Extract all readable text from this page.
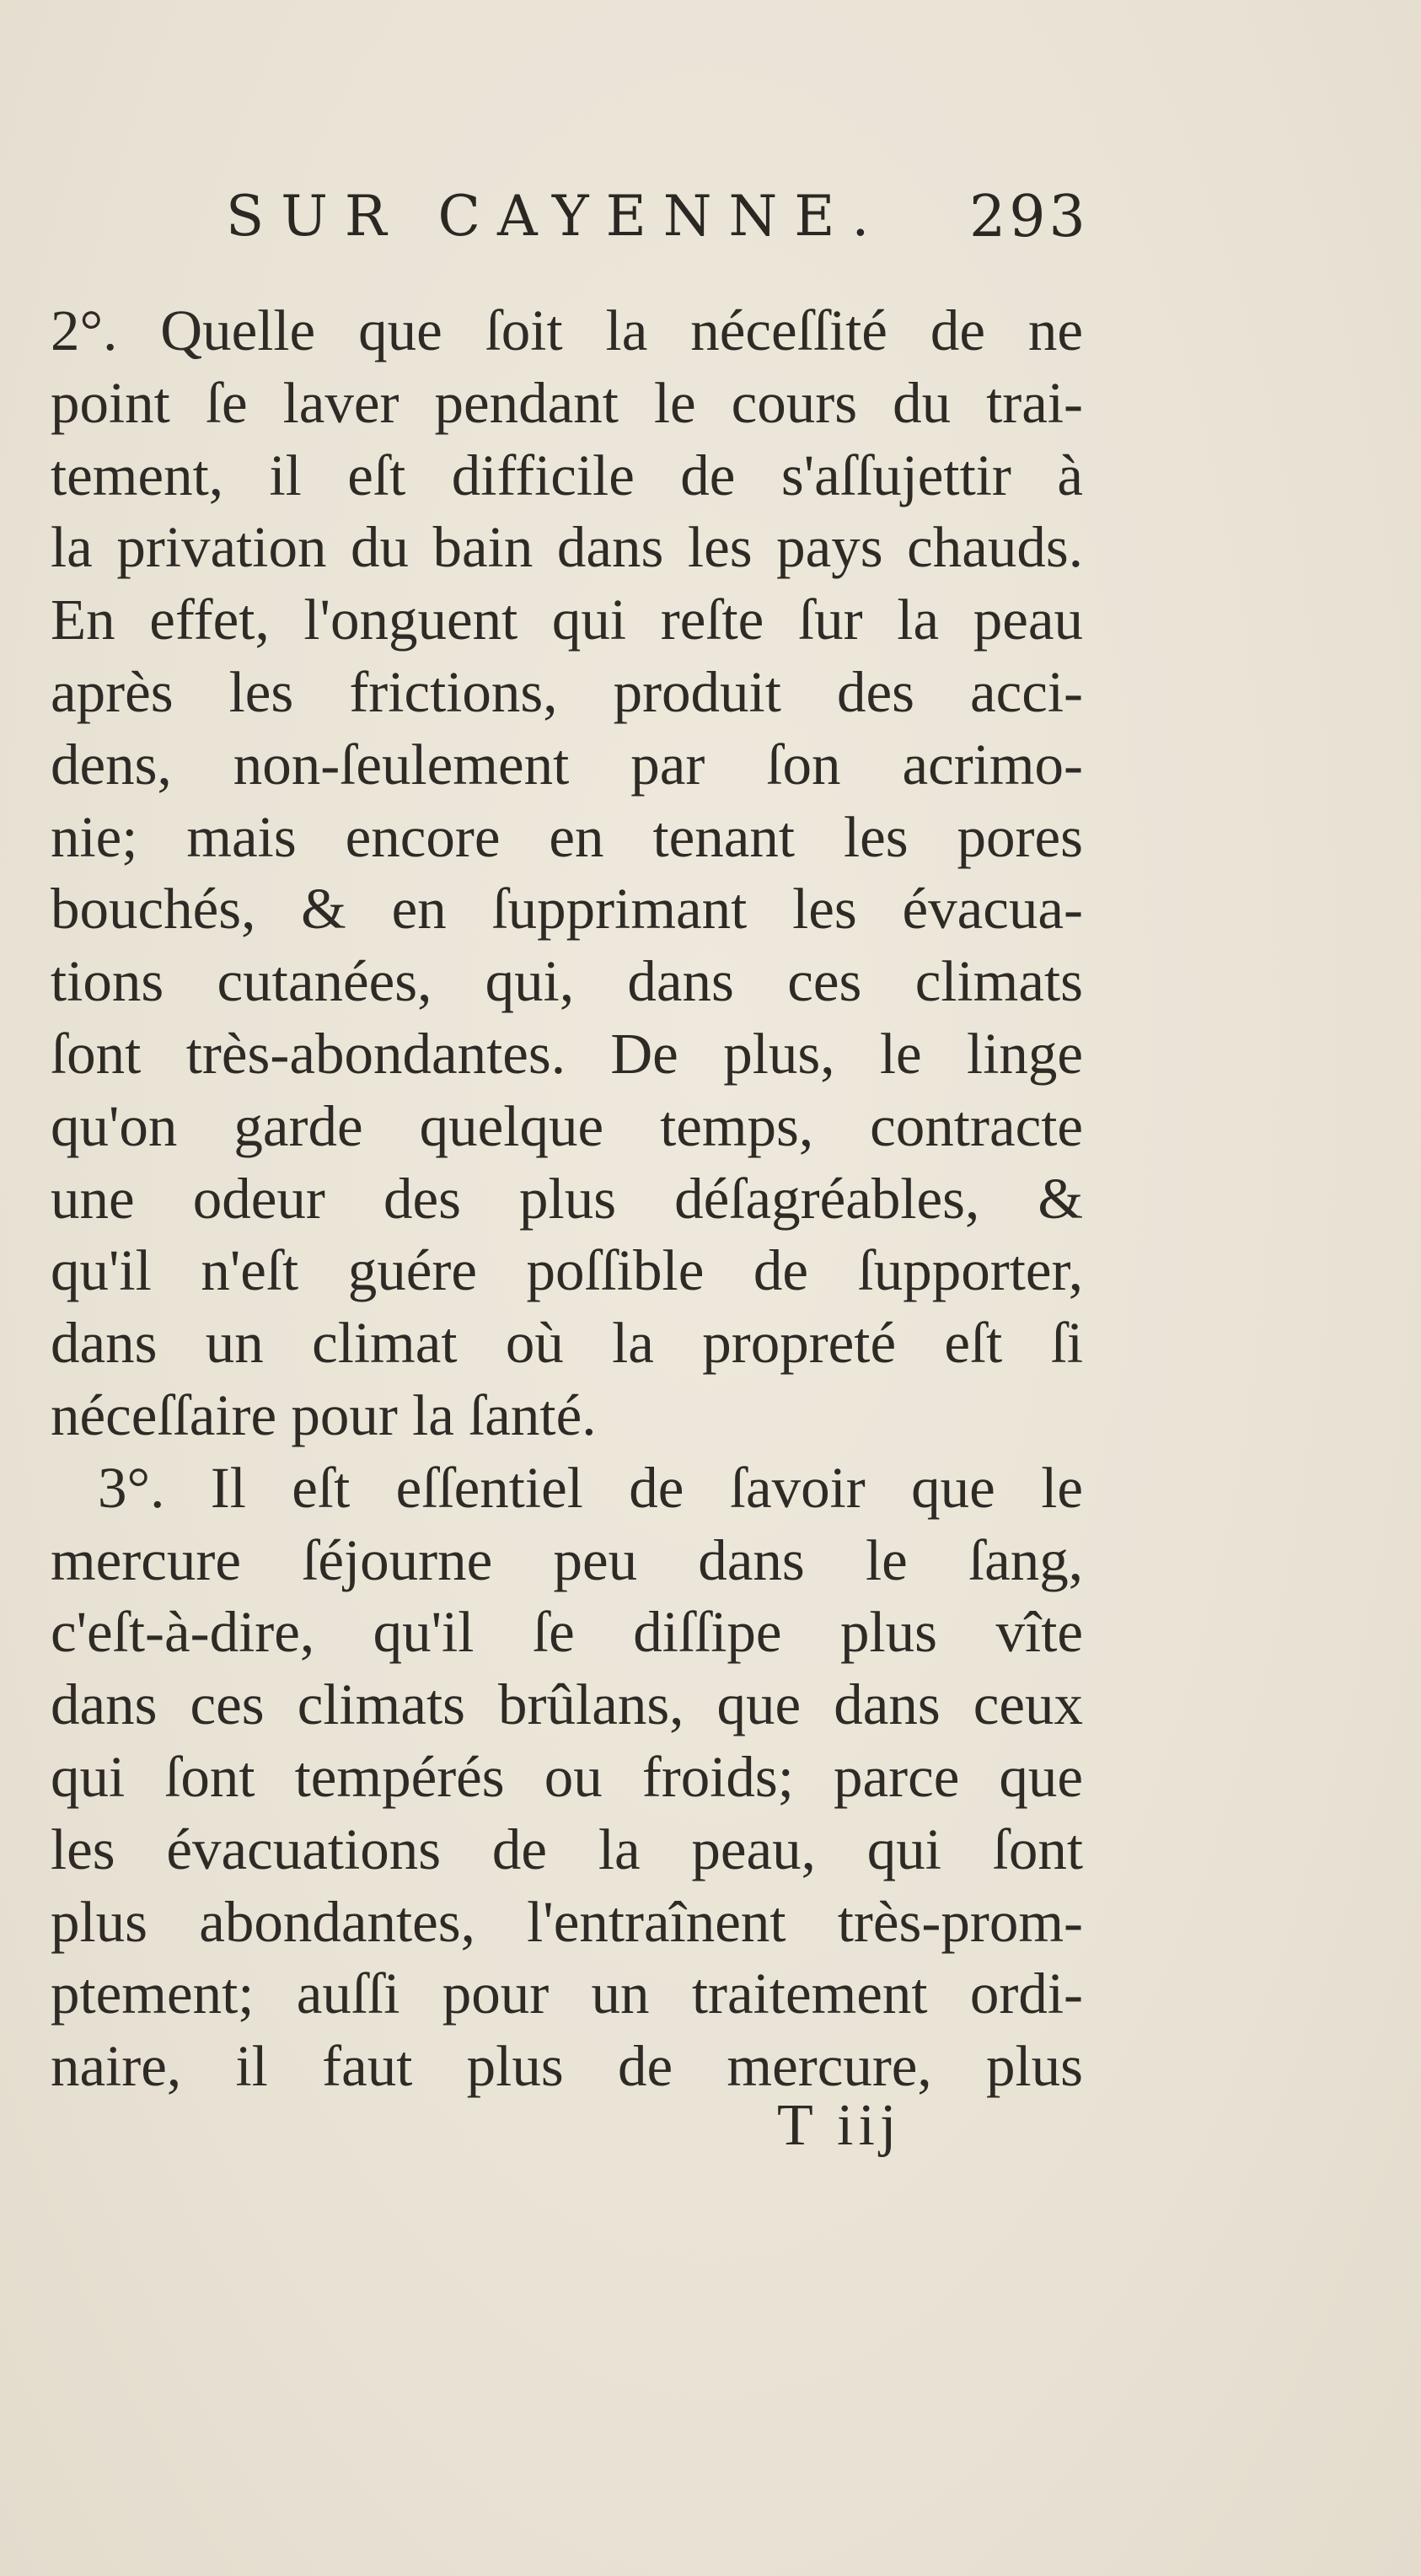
SUR CAYENNE. 293
2°. Quelle que ſoit la néceſſité de ne
point ſe laver pendant le cours du trai-
tement, il eſt difficile de s'aſſujettir à
la privation du bain dans les pays chauds.
En effet, l'onguent qui reſte ſur la peau
après les frictions, produit des acci-
dens, non-ſeulement par ſon acrimo-
nie; mais encore en tenant les pores
bouchés, & en ſupprimant les évacua-
tions cutanées, qui, dans ces climats
ſont très-abondantes. De plus, le linge
qu'on garde quelque temps, contracte
une odeur des plus déſagréables, &
qu'il n'eſt guére poſſible de ſupporter,
dans un climat où la propreté eſt ſi
néceſſaire pour la ſanté.
3°. Il eſt eſſentiel de ſavoir que le
mercure ſéjourne peu dans le ſang,
c'eſt-à-dire, qu'il ſe diſſipe plus vîte
dans ces climats brûlans, que dans ceux
qui ſont tempérés ou froids; parce que
les évacuations de la peau, qui ſont
plus abondantes, l'entraînent très-prom-
ptement; auſſi pour un traitement ordi-
naire, il faut plus de mercure, plus
T iij
